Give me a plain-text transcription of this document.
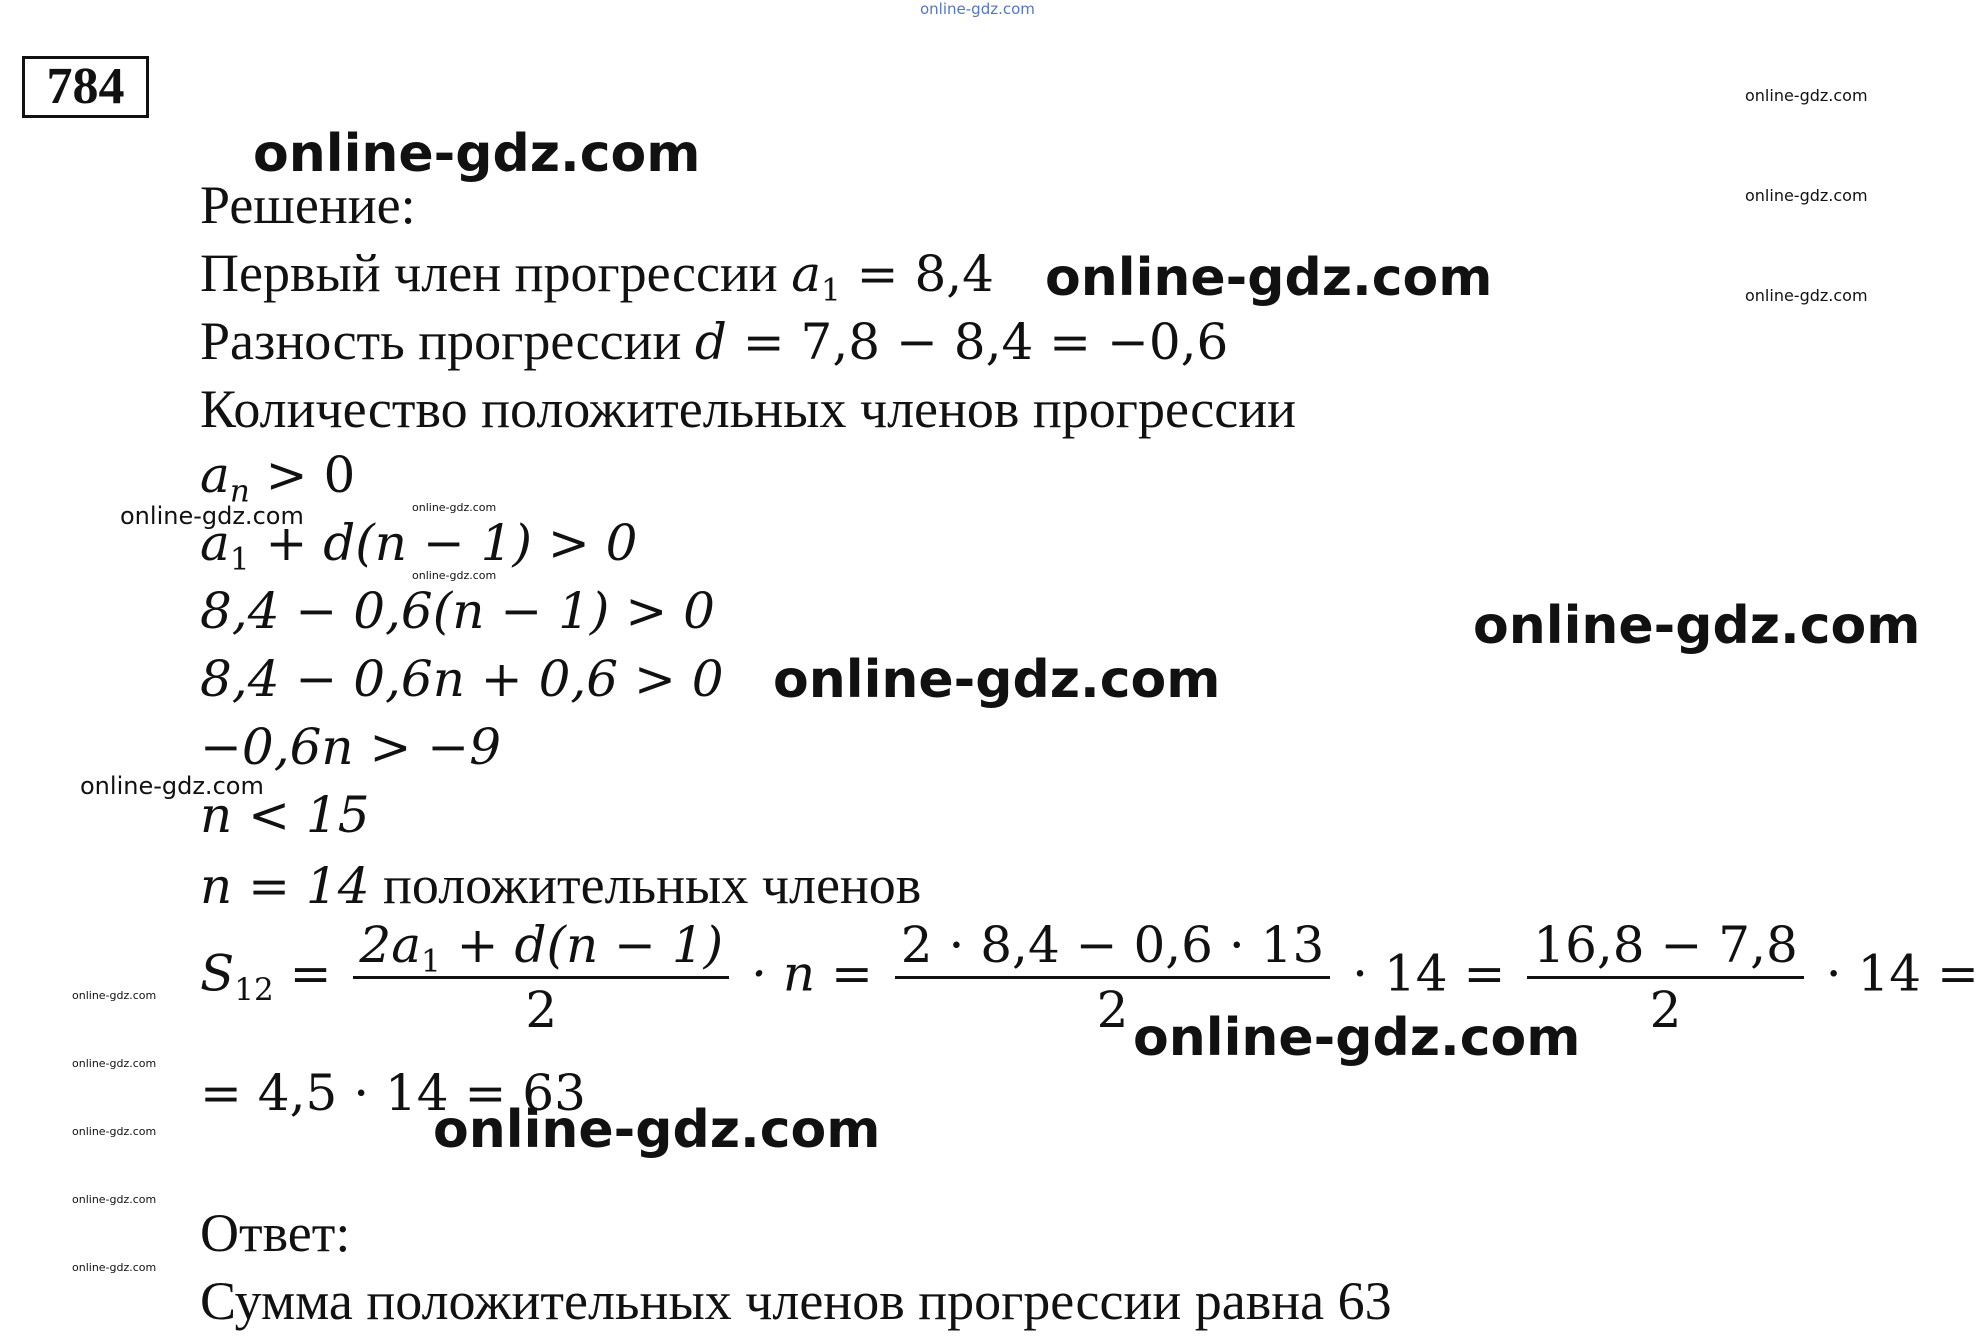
784
Решение:
Первый член прогрессии $a_1 = 8,4$
Разность прогрессии d = 7,8 − 8,4 = −0,6
Количество положительных членов прогрессии
$a_n > 0$
$a_1 + d(n - 1) > 0$
8,4 − 0,6(n − 1) > 0
8,4 − 0,6n + 0,6 > 0
−0,6n > −9
n < 15
n = 14 положительных членов
$S_{12} = \frac{2a_1 + d(n - 1)}{2} \cdot n = \frac{2 \cdot 8,4 - 0,6 \cdot 13}{2} \cdot 14 = \frac{16,8 - 7,8}{2} \cdot 14$ =
= 4,5 · 14 = 63
Ответ:
Сумма положительных членов прогрессии равна 63
online-gdz.com
online-gdz.com
online-gdz.com
online-gdz.com
online-gdz.com
online-gdz.com
online-gdz.com	online-gdz.com
online-gdz.com
online-gdz.com
online-gdz.com
online-gdz.com
online-gdz.com
online-gdz.com
online-gdz.com
online-gdz.com	online-gdz.com
online-gdz.com
online-gdz.com
